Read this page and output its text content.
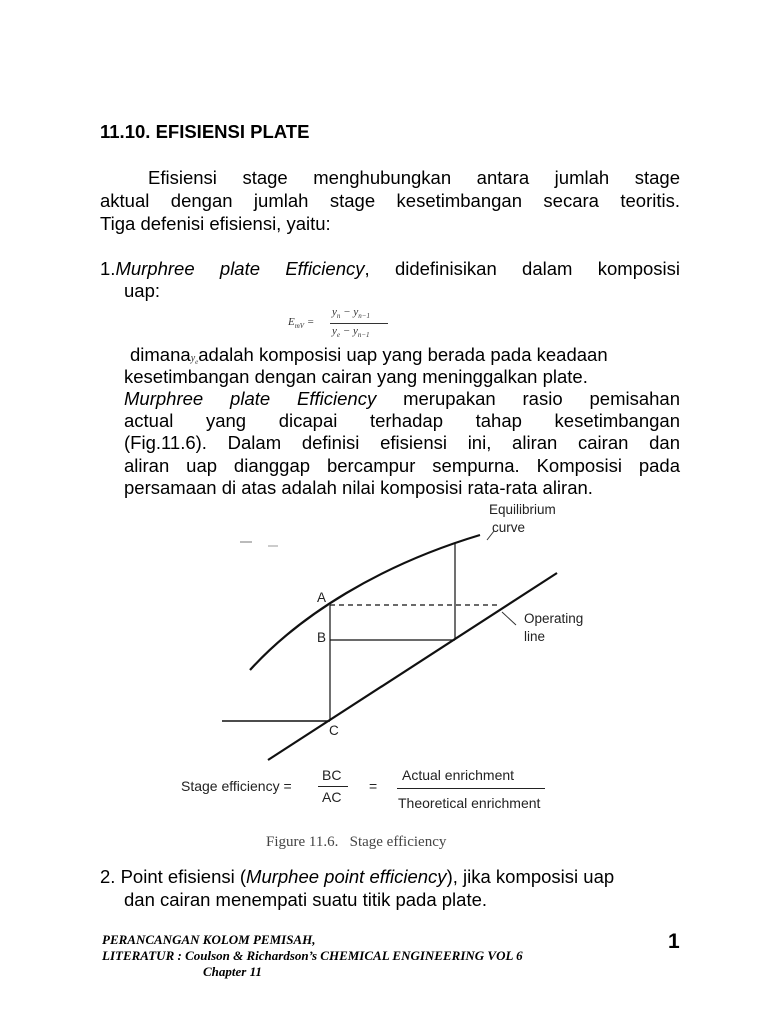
11.10. EFISIENSI PLATE
Efisiensi stage menghubungkan antara jumlah stage
aktual dengan jumlah stage kesetimbangan secara teoritis.
Tiga defenisi efisiensi, yaitu:
1.Murphree plate Efficiency, didefinisikan dalam komposisi
uap:
$E_{mV}$ =
$y_n - y_{n-1}$
$y_e - y_{n-1}$
dimanay$_e$adalah komposisi uap yang berada pada keadaan
kesetimbangan dengan cairan yang meninggalkan plate.
Murphree plate Efficiency merupakan rasio pemisahan
actual yang dicapai terhadap tahap kesetimbangan
(Fig.11.6). Dalam definisi efisiensi ini, aliran cairan dan
aliran uap dianggap bercampur sempurna. Komposisi pada
persamaan di atas adalah nilai komposisi rata-rata aliran.
Equilibrium
curve
Operating
line
A
B
C
Stage efficiency =
BC
AC
=
Actual enrichment
Theoretical enrichment
Figure 11.6.   Stage efficiency
2. Point efisiensi (Murphee point efficiency), jika komposisi uap
dan cairan menempati suatu titik pada plate.
PERANCANGAN KOLOM PEMISAH,
LITERATUR : Coulson & Richardson’s CHEMICAL ENGINEERING VOL 6
Chapter 11
1
